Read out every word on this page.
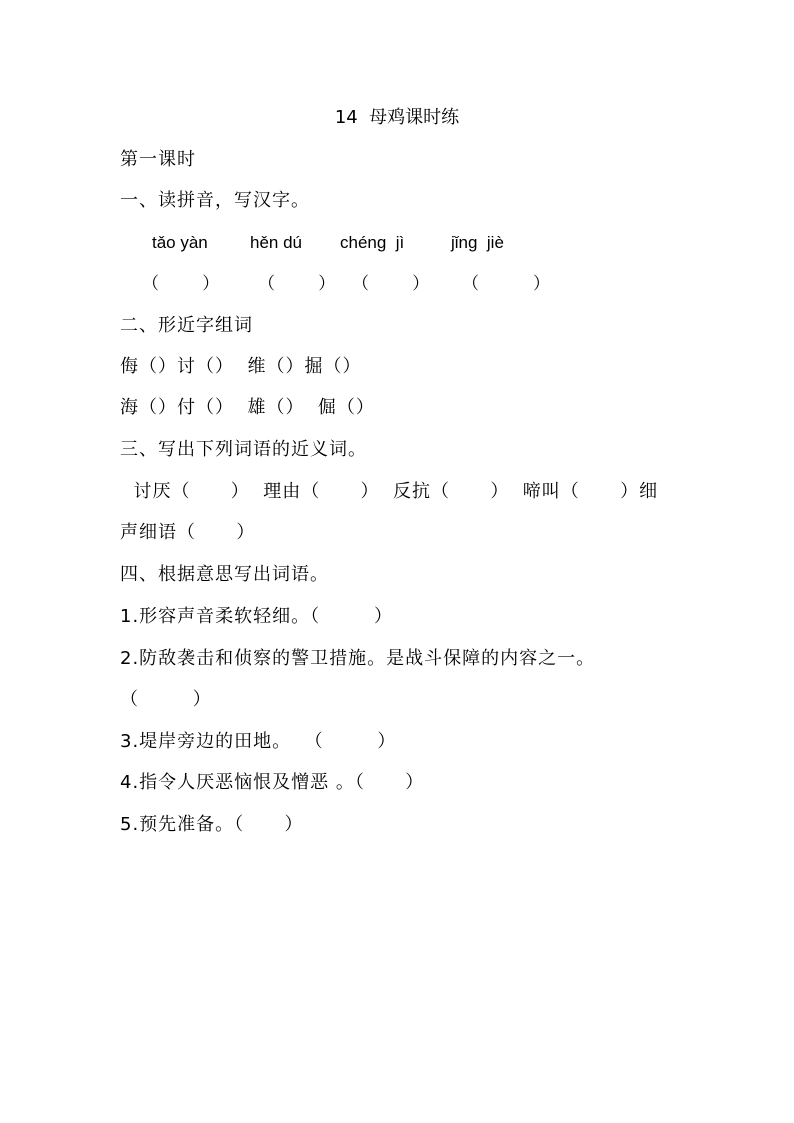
14  母鸡课时练
第一课时
一、读拼音，写汉字。
tǎo yàn hěn dú chéng  jì	jǐng  jiè
（        ） （        ） （        ） （          ）
二、形近字组词
侮（）讨（）  维（）掘（）
海（）付（）  雄（）  倔（）
三、写出下列词语的近义词。
讨厌（      ）  理由（      ）  反抗（      ）  啼叫（      ）细
声细语（      ）
四、根据意思写出词语。
1.形容声音柔软轻细。（        ）
2.防敌袭击和侦察的警卫措施。是战斗保障的内容之一。
（        ）
3.堤岸旁边的田地。  （        ）
4.指令人厌恶恼恨及憎恶 。（      ）
5.预先准备。（      ）
